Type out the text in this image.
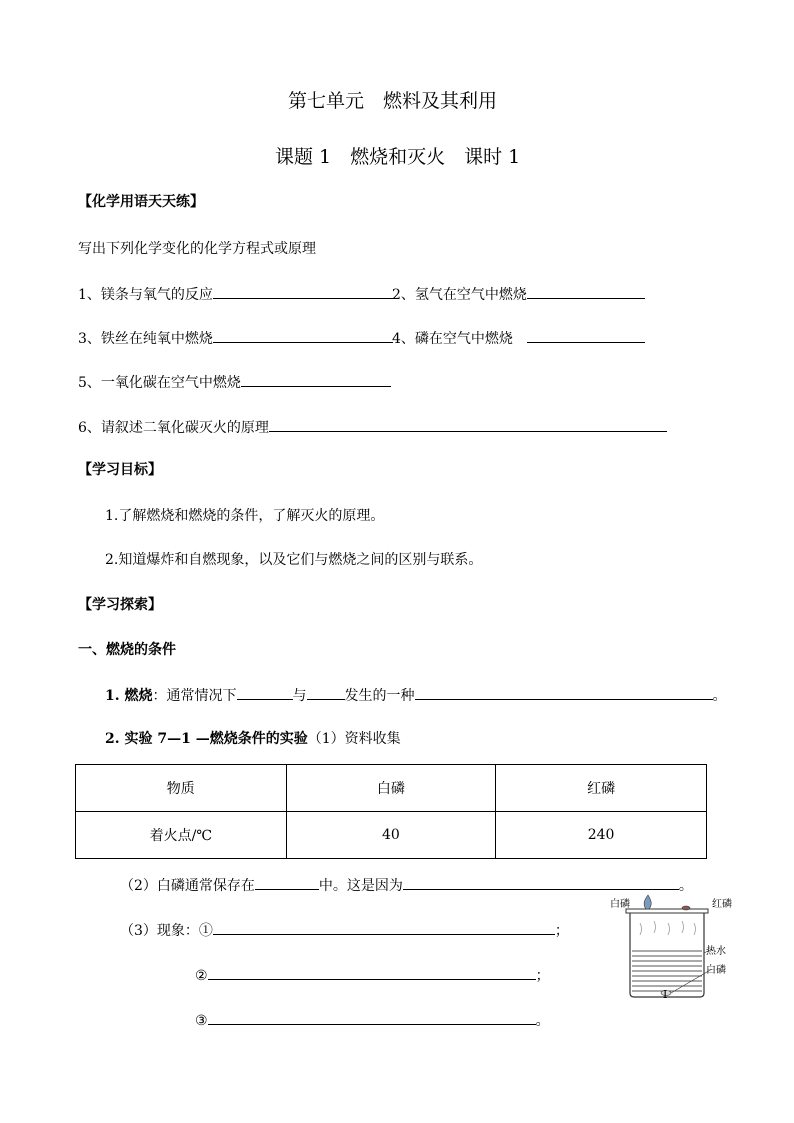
第七单元　燃料及其利用
课题 1　燃烧和灭火　课时 1
【化学用语天天练】
写出下列化学变化的化学方程式或原理
1、镁条与氧气的反应	2、氢气在空气中燃烧
3、铁丝在纯氧中燃烧	4、磷在空气中燃烧
5、一氧化碳在空气中燃烧
6、请叙述二氧化碳灭火的原理
【学习目标】
1.了解燃烧和燃烧的条件，了解灭火的原理。
2.知道爆炸和自燃现象，以及它们与燃烧之间的区别与联系。
【学习探索】
一、燃烧的条件
1. 燃烧：通常情况下	与	发生的一种	。
2. 实验 7—1 —燃烧条件的实验（1）资料收集
物质	白磷	红磷
着火点/℃	40	240
（2）白磷通常保存在	中。这是因为	。
（3）现象：①	；
②	；
③	。
白磷	红磷
热水
白磷
I
